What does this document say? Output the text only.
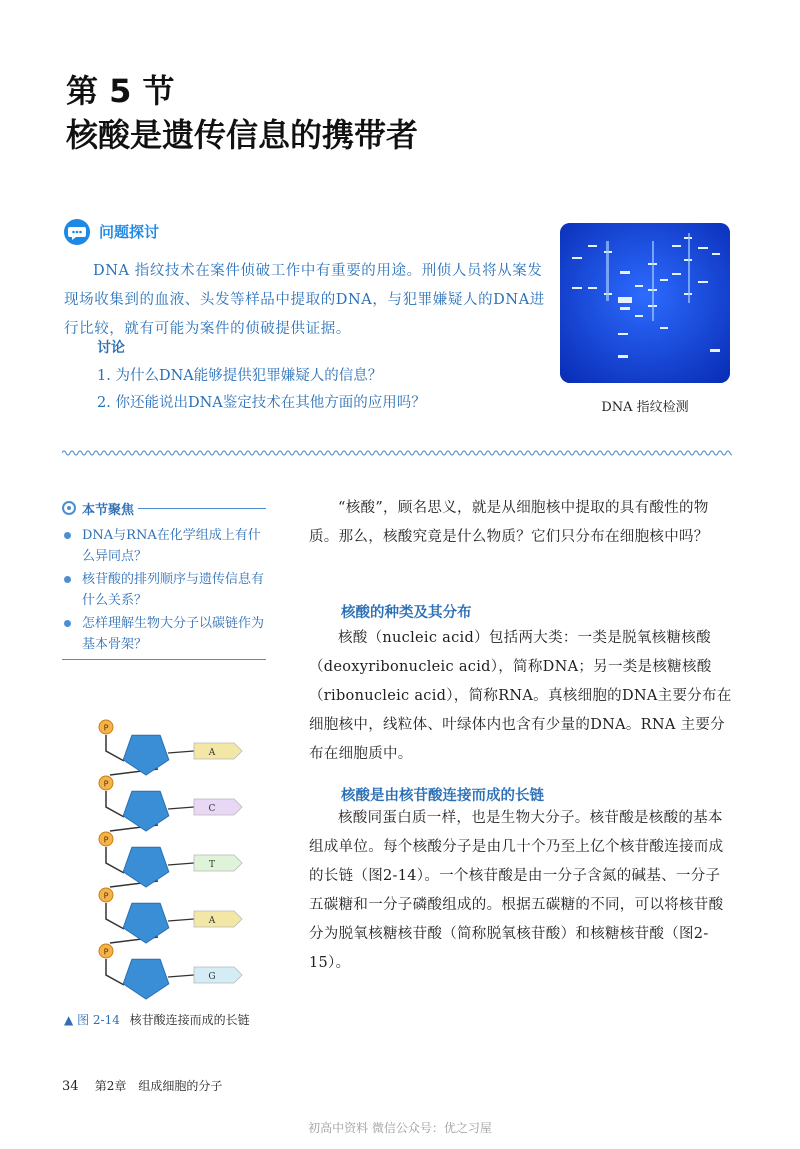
第 5 节
核酸是遗传信息的携带者
问题探讨
DNA 指纹技术在案件侦破工作中有重要的用途。刑侦人员将从案发现场收集到的血液、头发等样品中提取的DNA，与犯罪嫌疑人的DNA进行比较，就有可能为案件的侦破提供证据。
讨论
1. 为什么DNA能够提供犯罪嫌疑人的信息？
2. 你还能说出DNA鉴定技术在其他方面的应用吗？	DNA 指纹检测
本节聚焦
DNA与RNA在化学组成上有什么异同点？
核苷酸的排列顺序与遗传信息有什么关系？
怎样理解生物大分子以碳链作为基本骨架？
“核酸”，顾名思义，就是从细胞核中提取的具有酸性的物质。那么，核酸究竟是什么物质？它们只分布在细胞核中吗？
核酸的种类及其分布
核酸（nucleic acid）包括两大类：一类是脱氧核糖核酸（deoxyribonucleic acid），简称DNA；另一类是核糖核酸（ribonucleic acid），简称RNA。真核细胞的DNA主要分布在细胞核中，线粒体、叶绿体内也含有少量的DNA。RNA 主要分布在细胞质中。
核酸是由核苷酸连接而成的长链
核酸同蛋白质一样，也是生物大分子。核苷酸是核酸的基本组成单位。每个核酸分子是由几十个乃至上亿个核苷酸连接而成的长链（图2-14）。一个核苷酸是由一分子含氮的碱基、一分子五碳糖和一分子磷酸组成的。根据五碳糖的不同，可以将核苷酸分为脱氧核糖核苷酸（简称脱氧核苷酸）和核糖核苷酸（图2-15）。
P
A
P
C
P
T
P
A
P
G
▲ 图 2-14 核苷酸连接而成的长链
34 第2章　组成细胞的分子
初高中资料 微信公众号：优之习屋
